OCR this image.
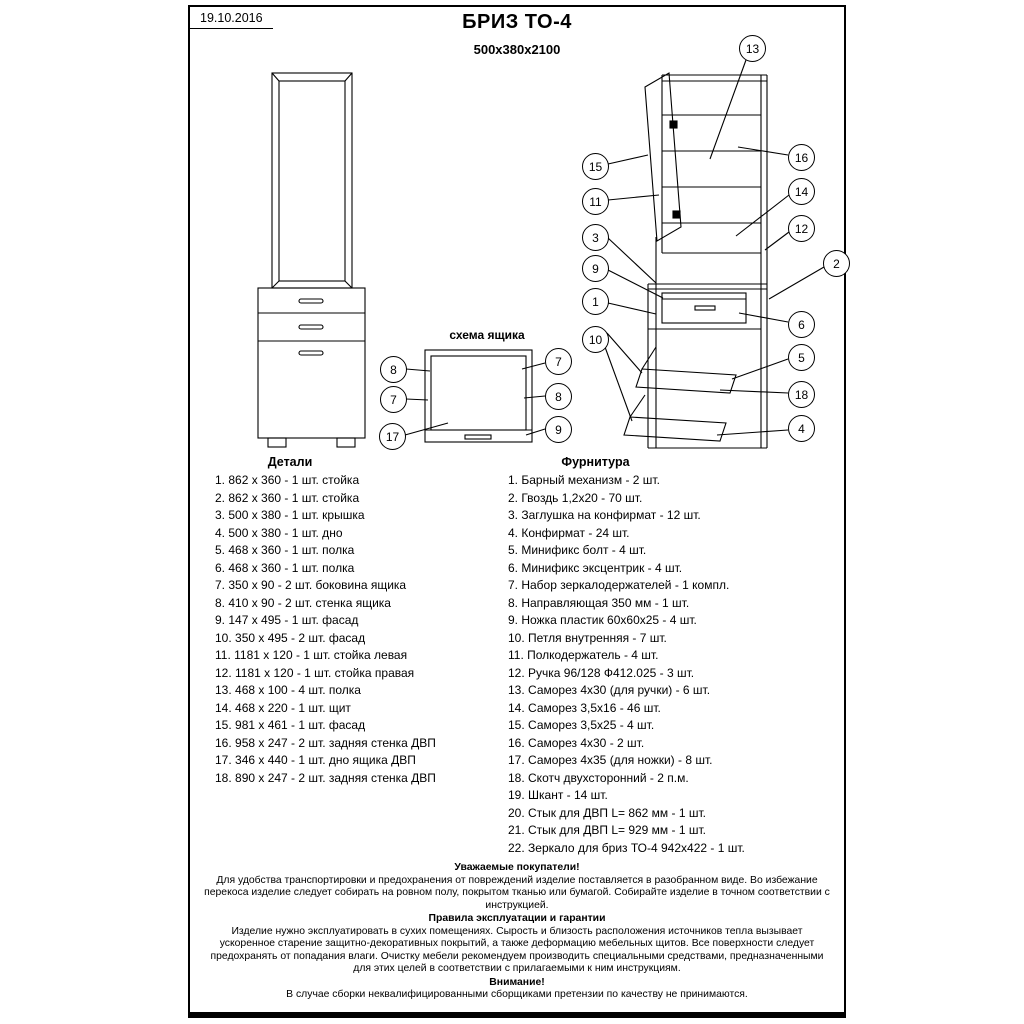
19.10.2016	БРИЗ ТО-4
500х380х2100
схема ящика
8
7
17
7
8
9
13
15
11
3
9
1
10
16
14
12
2
6
5
18
4
Детали
1. 862 х 360 - 1 шт. стойка
2. 862 х 360 - 1 шт. стойка
3. 500 х 380 - 1 шт. крышка
4. 500 х 380 - 1 шт. дно
5. 468 х 360 - 1 шт. полка
6. 468 х 360 - 1 шт. полка
7. 350 х 90 - 2 шт. боковина ящика
8. 410 х 90 - 2 шт. стенка ящика
9. 147 х 495 - 1 шт. фасад
10. 350 х 495 - 2 шт. фасад
11. 1181 х 120 - 1 шт. стойка левая
12. 1181 х 120 - 1 шт. стойка правая
13. 468 х 100 - 4 шт. полка
14. 468 х 220 - 1 шт. щит
15. 981 х 461 - 1 шт. фасад
16. 958 х 247 - 2 шт. задняя стенка ДВП
17. 346 х 440 - 1 шт. дно ящика ДВП
18. 890 х 247 - 2 шт. задняя стенка ДВП
Фурнитура
1. Барный механизм - 2 шт.
2. Гвоздь 1,2х20 - 70 шт.
3. Заглушка на конфирмат - 12 шт.
4. Конфирмат - 24 шт.
5. Минификс болт - 4 шт.
6. Минификс эксцентрик - 4 шт.
7. Набор зеркалодержателей - 1 компл.
8. Направляющая 350 мм - 1 шт.
9. Ножка пластик 60х60х25 - 4 шт.
10. Петля внутренняя - 7 шт.
11. Полкодержатель - 4 шт.
12. Ручка 96/128 Ф412.025 - 3 шт.
13. Саморез 4х30 (для ручки) - 6 шт.
14. Саморез 3,5х16 - 46 шт.
15. Саморез 3,5х25 - 4 шт.
16. Саморез 4х30 - 2 шт.
17. Саморез 4х35 (для ножки) - 8 шт.
18. Скотч двухсторонний - 2 п.м.
19. Шкант - 14 шт.
20. Стык для ДВП L= 862 мм - 1 шт.
21. Стык для ДВП L= 929 мм - 1 шт.
22. Зеркало для бриз ТО-4 942х422 - 1 шт.
Уважаемые покупатели!
Для удобства транспортировки и предохранения от повреждений изделие поставляется в разобранном виде. Во избежание перекоса изделие следует собирать на ровном полу, покрытом тканью или бумагой. Собирайте изделие в точном соответствии с инструкцией.
Правила эксплуатации и гарантии
Изделие нужно эксплуатировать в сухих помещениях. Сырость и близость расположения источников тепла вызывает ускоренное старение защитно-декоративных покрытий, а также деформацию мебельных щитов. Все поверхности следует предохранять от попадания влаги. Очистку мебели рекомендуем производить специальными средствами, предназначенными для этих целей в соответствии с прилагаемыми к ним инструкциям.
Внимание!
В случае сборки неквалифицированными сборщиками претензии по качеству не принимаются.
